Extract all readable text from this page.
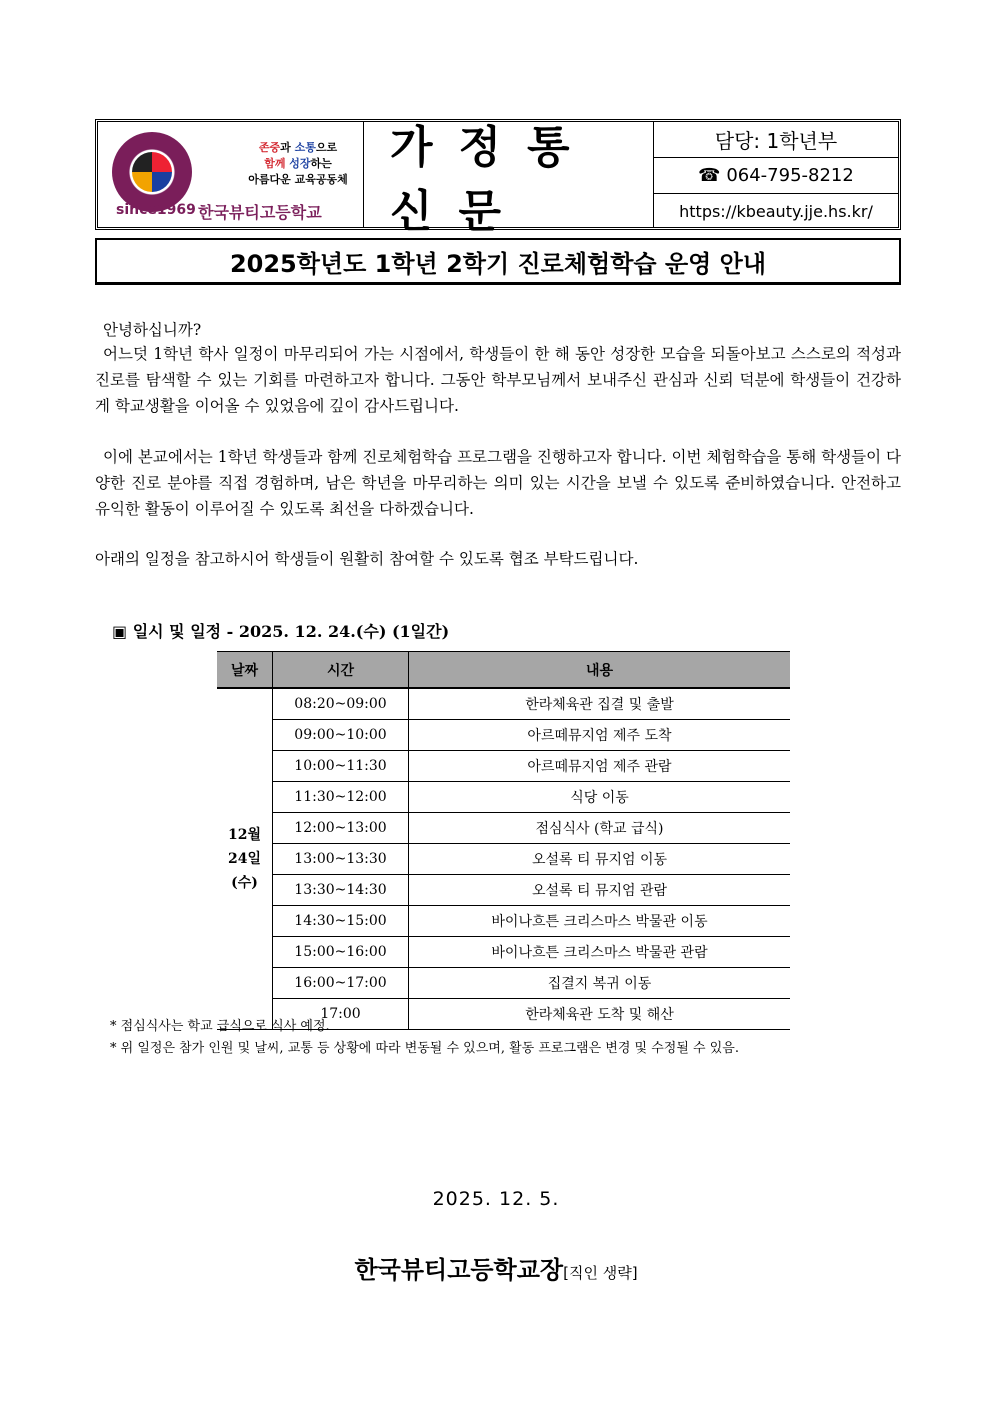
존중과 소통으로
함께 성장하는
아름다운 교육공동체
since1969 한국뷰티고등학교
가정통신문
담당: 1학년부
☎ 064-795-8212
https://kbeauty.jje.hs.kr/
2025학년도 1학년 2학기 진로체험학습 운영 안내
안녕하십니까?
어느덧 1학년 학사 일정이 마무리되어 가는 시점에서, 학생들이 한 해 동안 성장한 모습을 되돌아보고 스스로의 적성과 진로를 탐색할 수 있는 기회를 마련하고자 합니다. 그동안 학부모님께서 보내주신 관심과 신뢰 덕분에 학생들이 건강하게 학교생활을 이어올 수 있었음에 깊이 감사드립니다.
이에 본교에서는 1학년 학생들과 함께 진로체험학습 프로그램을 진행하고자 합니다. 이번 체험학습을 통해 학생들이 다양한 진로 분야를 직접 경험하며, 남은 학년을 마무리하는 의미 있는 시간을 보낼 수 있도록 준비하였습니다. 안전하고 유익한 활동이 이루어질 수 있도록 최선을 다하겠습니다.
아래의 일정을 참고하시어 학생들이 원활히 참여할 수 있도록 협조 부탁드립니다.
▣ 일시 및 일정 - 2025. 12. 24.(수) (1일간)
날짜	시간	내용

12월
24일
(수)	08:20~09:00	한라체육관 집결 및 출발
	09:00~10:00	아르떼뮤지엄 제주 도착
	10:00~11:30	아르떼뮤지엄 제주 관람
	11:30~12:00	식당 이동
	12:00~13:00	점심식사 (학교 급식)
	13:00~13:30	오설록 티 뮤지엄 이동
	13:30~14:30	오설록 티 뮤지엄 관람
	14:30~15:00	바이나흐튼 크리스마스 박물관 이동
	15:00~16:00	바이나흐튼 크리스마스 박물관 관람
	16:00~17:00	집결지 복귀 이동
	17:00	한라체육관 도착 및 해산
* 점심식사는 학교 급식으로 식사 예정.
* 위 일정은 참가 인원 및 날씨, 교통 등 상황에 따라 변동될 수 있으며, 활동 프로그램은 변경 및 수정될 수 있음.
2025. 12. 5.
한국뷰티고등학교장[직인 생략]
